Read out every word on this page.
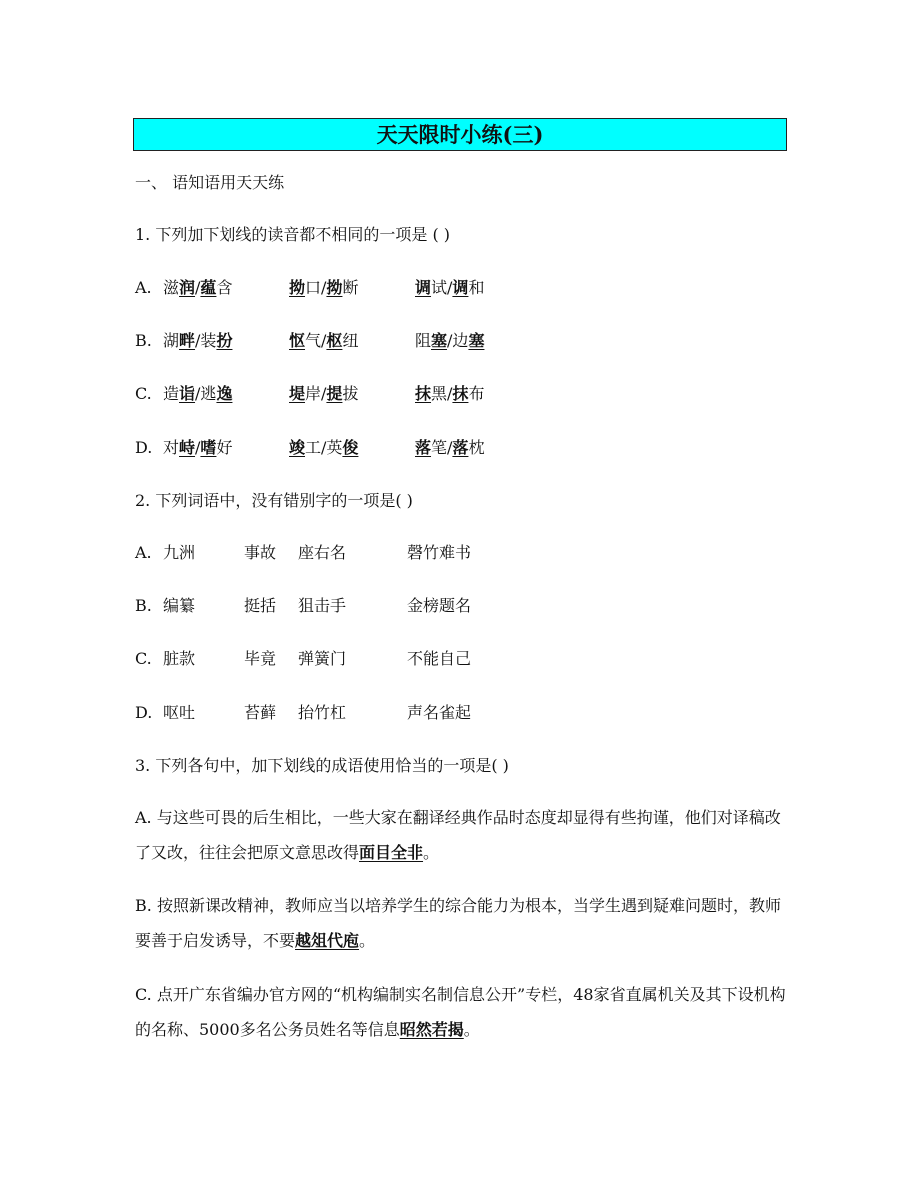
天天限时小练(三)
一、 语知语用天天练
1. 下列加下划线的读音都不相同的一项是 ( )
A. 滋润/蕴含	拗口/拗断	调试/调和
B. 湖畔/装扮	怄气/枢纽	阻塞/边塞
C. 造诣/逃逸	堤岸/提拔	抹黑/抹布
D. 对峙/嗜好	竣工/英俊	落笔/落枕
2. 下列词语中，没有错别字的一项是( )
A. 九洲	事故 座右名	磬竹难书
B. 编纂	挺括 狙击手	金榜题名
C. 脏款	毕竟 弹簧门	不能自己
D. 呕吐	苔藓 抬竹杠	声名雀起
3. 下列各句中，加下划线的成语使用恰当的一项是( )
A. 与这些可畏的后生相比，一些大家在翻译经典作品时态度却显得有些拘谨，他们对译稿改了又改，往往会把原文意思改得面目全非。
B. 按照新课改精神，教师应当以培养学生的综合能力为根本，当学生遇到疑难问题时，教师要善于启发诱导，不要越俎代庖。
C. 点开广东省编办官方网的“机构编制实名制信息公开”专栏，48家省直属机关及其下设机构的名称、5000多名公务员姓名等信息昭然若揭。
